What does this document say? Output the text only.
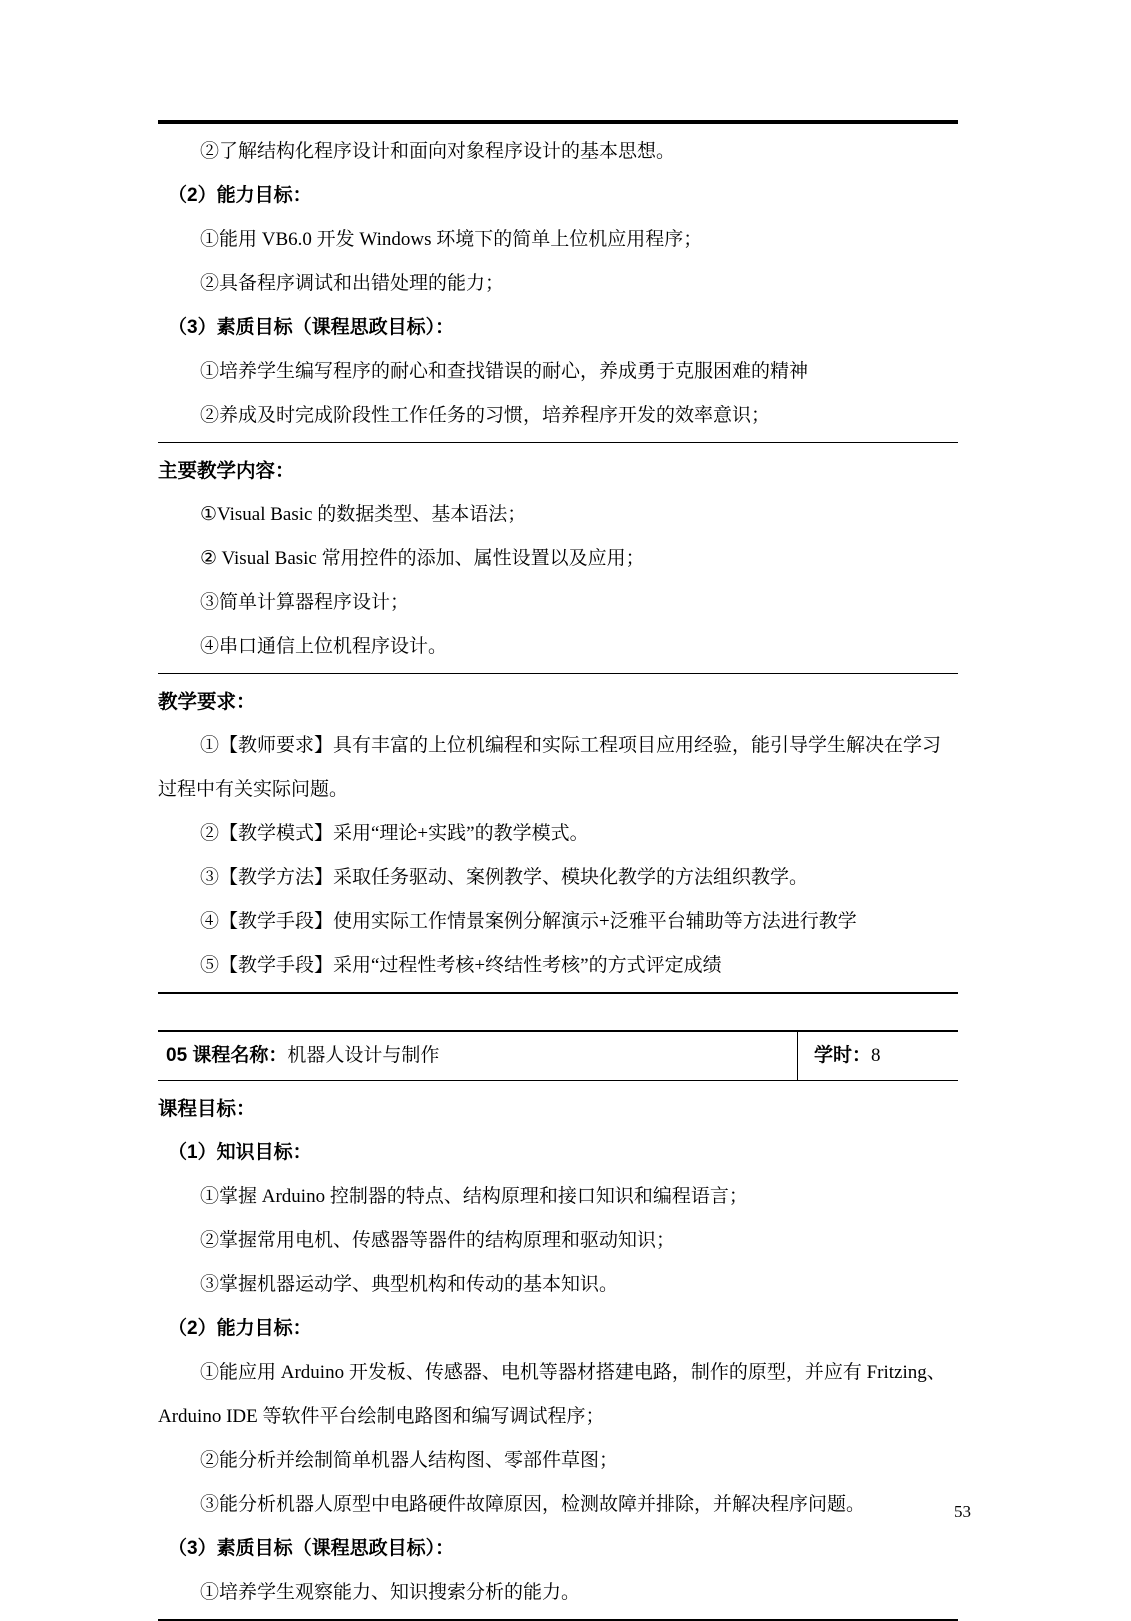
②了解结构化程序设计和面向对象程序设计的基本思想。

（2）能力目标：

①能用 VB6.0 开发 Windows 环境下的简单上位机应用程序；

②具备程序调试和出错处理的能力；

（3）素质目标（课程思政目标）：

①培养学生编写程序的耐心和查找错误的耐心，养成勇于克服困难的精神

②养成及时完成阶段性工作任务的习惯，培养程序开发的效率意识；

主要教学内容：

①Visual Basic 的数据类型、基本语法；

② Visual Basic 常用控件的添加、属性设置以及应用；

③简单计算器程序设计；

④串口通信上位机程序设计。

教学要求：

①【教师要求】具有丰富的上位机编程和实际工程项目应用经验，能引导学生解决在学习过程中有关实际问题。

②【教学模式】采用“理论+实践”的教学模式。

③【教学方法】采取任务驱动、案例教学、模块化教学的方法组织教学。

④【教学手段】使用实际工作情景案例分解演示+泛雅平台辅助等方法进行教学

⑤【教学手段】采用“过程性考核+终结性考核”的方式评定成绩

05 课程名称：机器人设计与制作	学时：8

课程目标：

（1）知识目标：

①掌握 Arduino 控制器的特点、结构原理和接口知识和编程语言；

②掌握常用电机、传感器等器件的结构原理和驱动知识；

③掌握机器运动学、典型机构和传动的基本知识。

（2）能力目标：

①能应用 Arduino 开发板、传感器、电机等器材搭建电路，制作的原型，并应有 Fritzing、Arduino IDE 等软件平台绘制电路图和编写调试程序；

②能分析并绘制简单机器人结构图、零部件草图；

③能分析机器人原型中电路硬件故障原因，检测故障并排除，并解决程序问题。

（3）素质目标（课程思政目标）：

①培养学生观察能力、知识搜索分析的能力。

53
